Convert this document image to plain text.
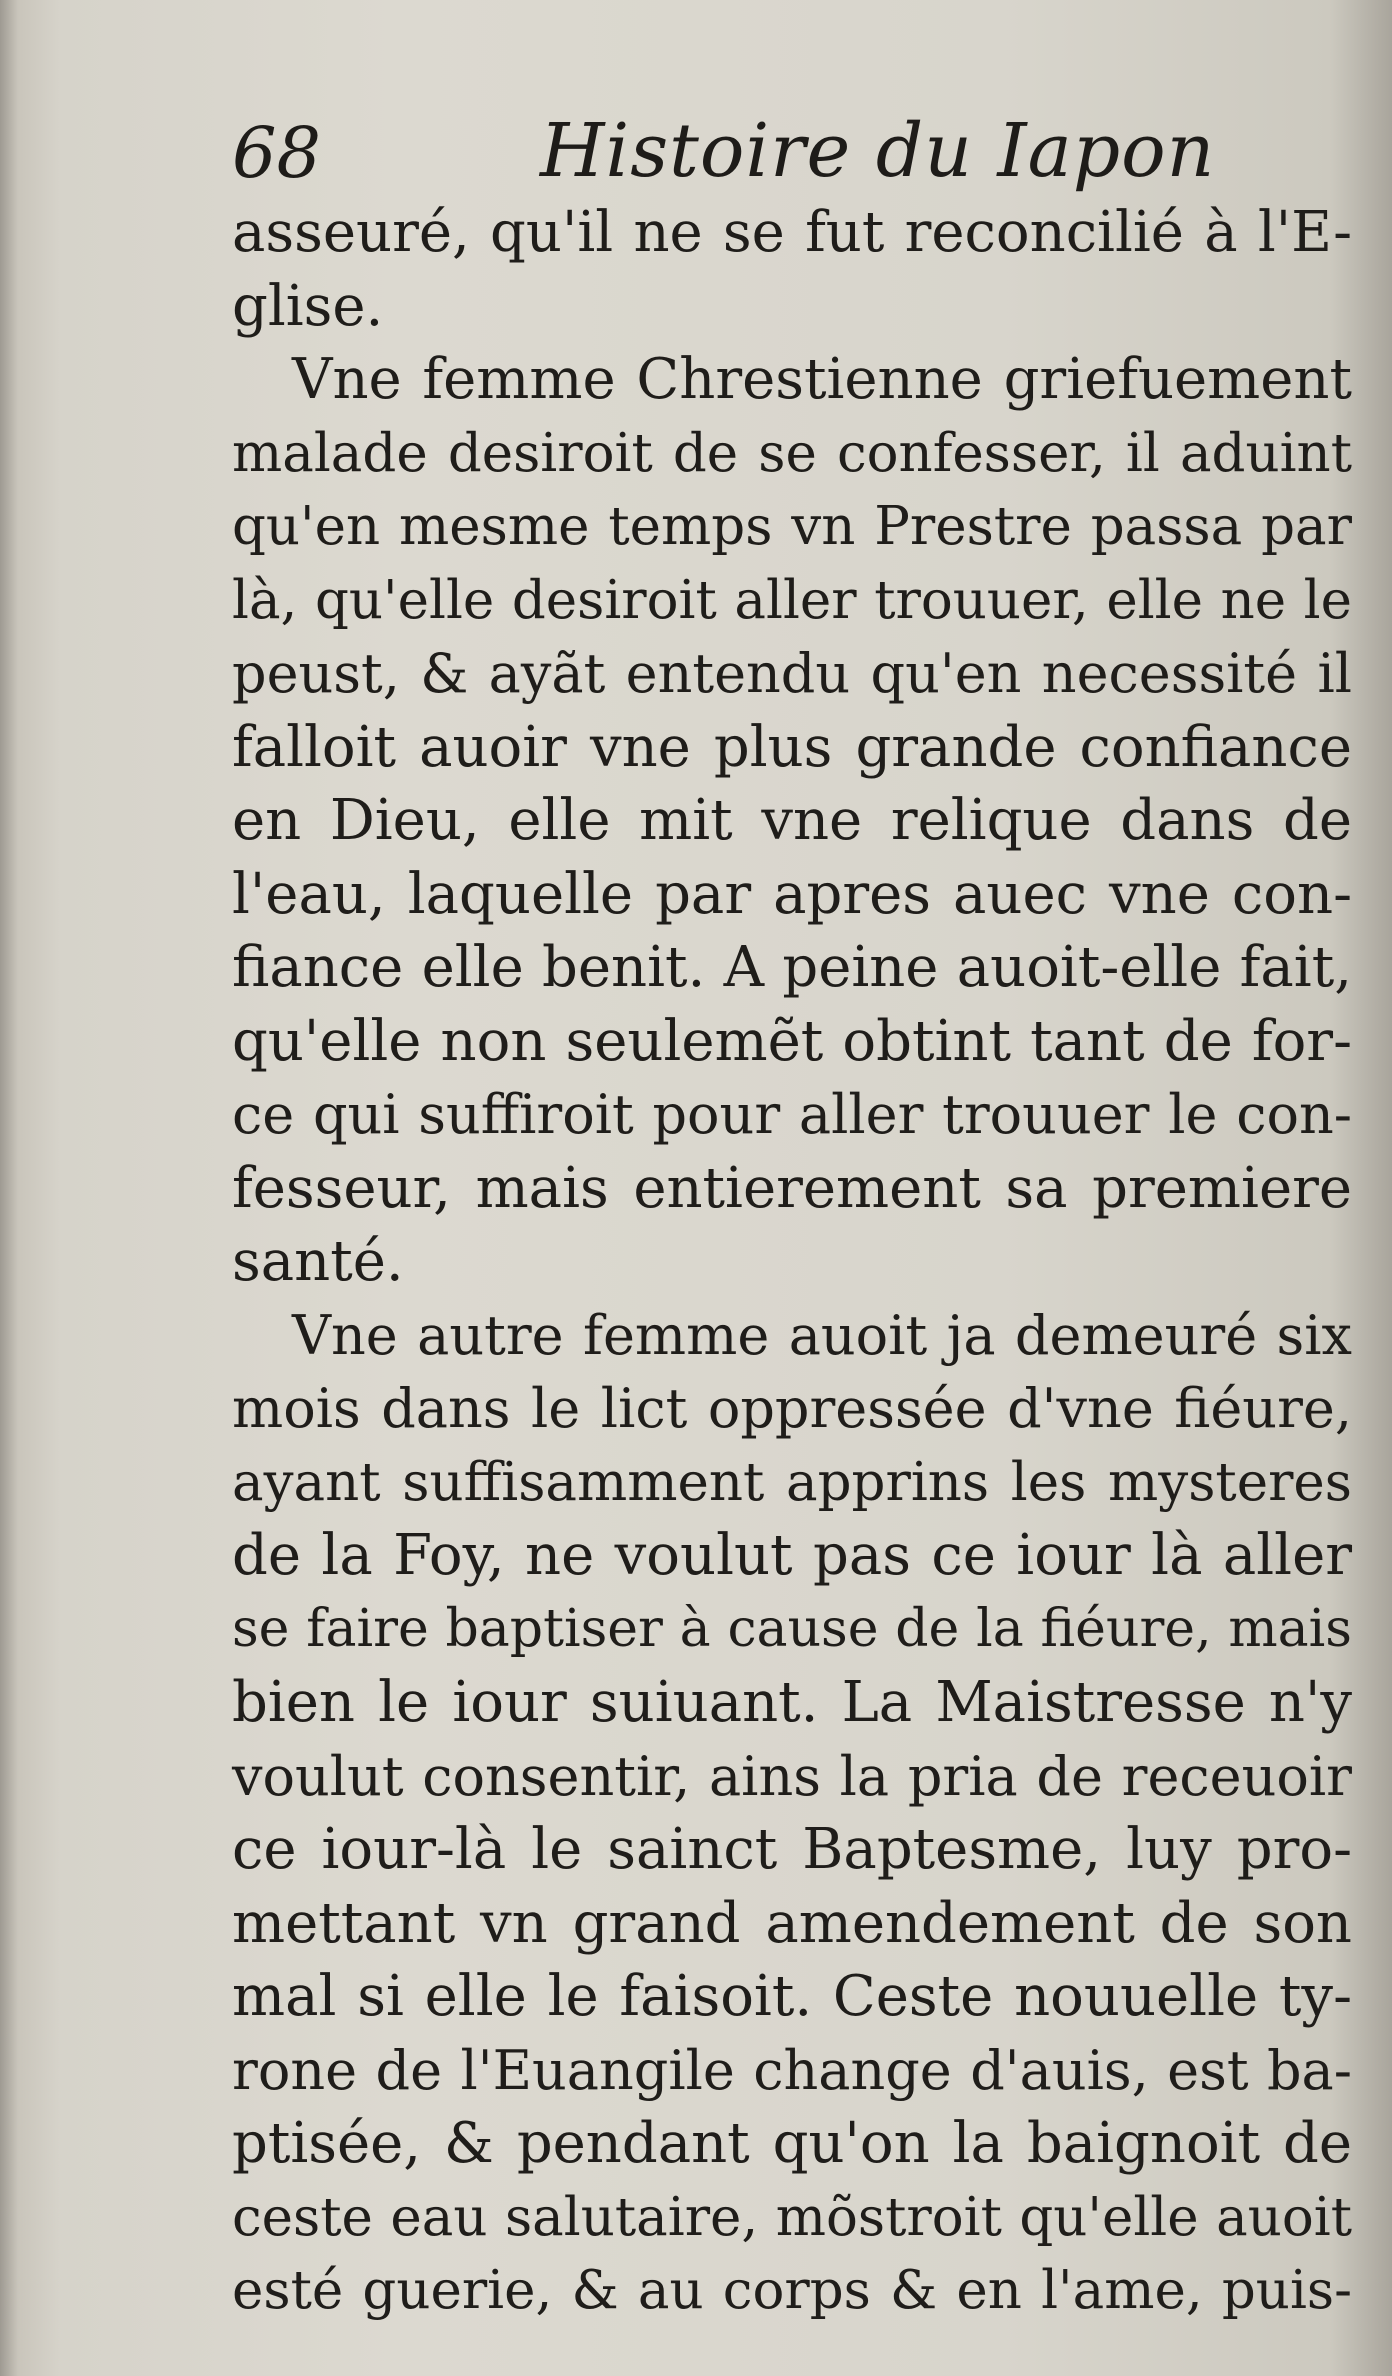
68	Histoire du Iapon
asseuré, qu'il ne se fut reconcilié à l'E-
glise.
Vne femme Chrestienne griefuement
malade desiroit de se confesser, il aduint
qu'en mesme temps vn Prestre passa par
là, qu'elle desiroit aller trouuer, elle ne le
peust, & ayãt entendu qu'en necessité il
falloit auoir vne plus grande confiance
en Dieu, elle mit vne relique dans de
l'eau, laquelle par apres auec vne con-
fiance elle benit. A peine auoit-elle fait,
qu'elle non seulemẽt obtint tant de for-
ce qui suffiroit pour aller trouuer le con-
fesseur, mais entierement sa premiere
santé.
Vne autre femme auoit ja demeuré six
mois dans le lict oppressée d'vne fiéure,
ayant suffisamment apprins les mysteres
de la Foy, ne voulut pas ce iour là aller
se faire baptiser à cause de la fiéure, mais
bien le iour suiuant. La Maistresse n'y
voulut consentir, ains la pria de receuoir
ce iour-là le sainct Baptesme, luy pro-
mettant vn grand amendement de son
mal si elle le faisoit. Ceste nouuelle ty-
rone de l'Euangile change d'auis, est ba-
ptisée, & pendant qu'on la baignoit de
ceste eau salutaire, mõstroit qu'elle auoit
esté guerie, & au corps & en l'ame, puis-
